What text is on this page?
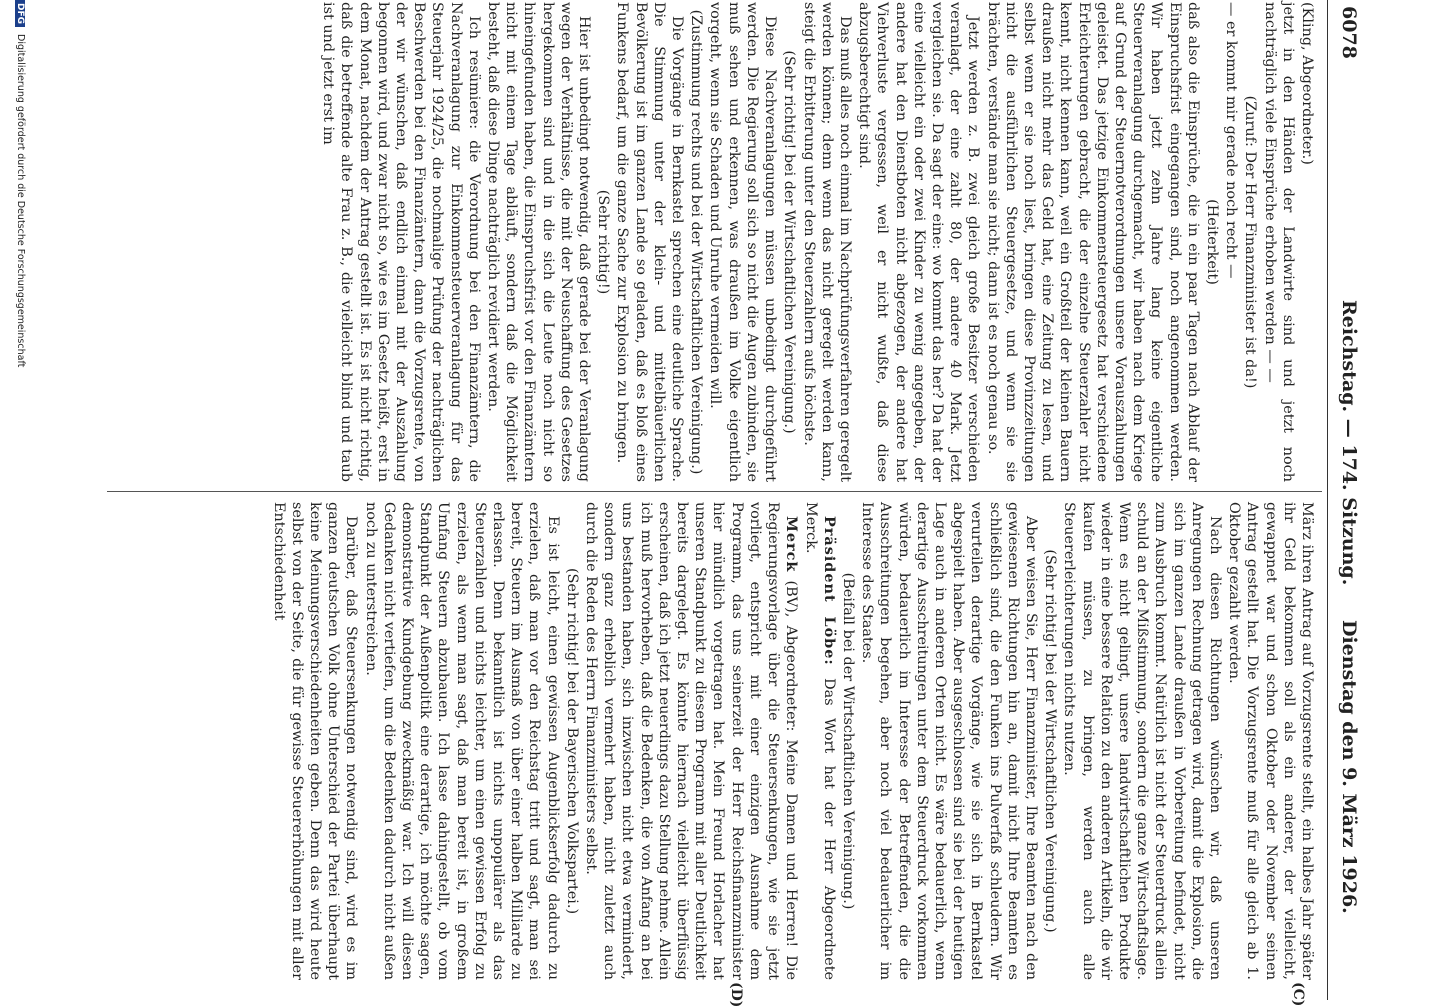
6078
Reichstag. — 174. Sitzung.
Dienstag den 9. März 1926.
(C)
(D)

(Kling, Abgeordneter.)

jetzt in den Händen der Landwirte sind und jetzt noch nachträglich viele Einsprüche erhoben werden — —

(Zuruf: Der Herr Finanzminister ist da!)

— er kommt mir gerade noch recht —

(Heiterkeit)

daß also die Einsprüche, die in ein paar Tagen nach Ablauf der Einspruchsfrist eingegangen sind, noch angenommen werden. Wir haben jetzt zehn Jahre lang keine eigentliche Steuerveranlagung durchgemacht, wir haben nach dem Kriege auf Grund der Steuernotverordnungen unsere Vorauszahlungen geleistet. Das jetzige Einkommensteuergesetz hat verschiedene Erleichterungen gebracht, die der einzelne Steuerzahler nicht kennt, nicht kennen kann, weil ein Großteil der kleinen Bauern draußen nicht mehr das Geld hat, eine Zeitung zu lesen, und selbst wenn er sie noch liest, bringen diese Provinzzeitungen nicht die ausführlichen Steuergesetze, und wenn sie sie brächten, verstände man sie nicht; dann ist es noch genau so.

Jetzt werden z. B. zwei gleich große Besitzer verschieden veranlagt, der eine zahlt 80, der andere 40 Mark. Jetzt vergleichen sie. Da sagt der eine: wo kommt das her? Da hat der eine vielleicht ein oder zwei Kinder zu wenig angegeben, der andere hat den Dienstboten nicht abgezogen, der andere hat Viehverluste vergessen, weil er nicht wußte, daß diese abzugsberechtigt sind.

Das muß alles noch einmal im Nachprüfungsverfahren geregelt werden können; denn wenn das nicht geregelt werden kann, steigt die Erbitterung unter den Steuerzahlern aufs höchste.

(Sehr richtig! bei der Wirtschaftlichen Vereinigung.)

Diese Nachveranlagungen müssen unbedingt durchgeführt werden. Die Regierung soll sich so nicht die Augen zubinden, sie muß sehen und erkennen, was draußen im Volke eigentlich vorgeht, wenn sie Schaden und Unruhe vermeiden will.

(Zustimmung rechts und bei der Wirtschaftlichen Vereinigung.)

Die Vorgänge in Bernkastel sprechen eine deutliche Sprache. Die Stimmung unter der klein- und mittelbäuerlichen Bevölkerung ist im ganzen Lande so geladen, daß es bloß eines Funkens bedarf, um die ganze Sache zur Explosion zu bringen.

(Sehr richtig!)

Hier ist unbedingt notwendig, daß gerade bei der Veranlagung wegen der Verhältnisse, die mit der Neuschaffung des Gesetzes hergekommen sind und in die sich die Leute noch nicht so hineingefunden haben, die Einspruchsfrist vor den Finanzämtern nicht mit einem Tage abläuft, sondern daß die Möglichkeit besteht, daß diese Dinge nachträglich revidiert werden.

Ich resümiere: die Verordnung bei den Finanzämtern, die Nachveranlagung zur Einkommensteuerveranlagung für das Steuerjahr 1924/25, die nochmalige Prüfung der nachträglichen Beschwerden bei den Finanzämtern, dann die Vorzugsrente, von der wir wünschen, daß endlich einmal mit der Auszahlung begonnen wird, und zwar nicht so, wie es im Gesetz heißt, erst in dem Monat, nachdem der Antrag gestellt ist. Es ist nicht richtig, daß die betreffende alte Frau z. B., die vielleicht blind und taub ist und jetzt erst im

März ihren Antrag auf Vorzugsrente stellt, ein halbes Jahr später ihr Geld bekommen soll als ein anderer, der vielleicht, gewappnet war und schon Oktober oder November seinen Antrag gestellt hat. Die Vorzugsrente muß für alle gleich ab 1. Oktober gezahlt werden.

Nach diesen Richtungen wünschen wir, daß unseren Anregungen Rechnung getragen wird, damit die Explosion, die sich im ganzen Lande draußen in Vorbereitung befindet, nicht zum Ausbruch kommt. Natürlich ist nicht der Steuerdruck allein schuld an der Mißstimmung, sondern die ganze Wirtschaftslage. Wenn es nicht gelingt, unsere landwirtschaftlichen Produkte wieder in eine bessere Relation zu den anderen Artikeln, die wir kaufen müssen, zu bringen, werden auch alle Steuererleichterungen nichts nutzen.

(Sehr richtig! bei der Wirtschaftlichen Vereinigung.)

Aber weisen Sie, Herr Finanzminister, Ihre Beamten nach den gewiesenen Richtungen hin an, damit nicht Ihre Beamten es schließlich sind, die den Funken ins Pulverfaß schleudern. Wir verurteilen derartige Vorgänge, wie sie sich in Bernkastel abgespielt haben. Aber ausgeschlossen sind sie bei der heutigen Lage auch in anderen Orten nicht. Es wäre bedauerlich, wenn derartige Ausschreitungen unter dem Steuerdruck vorkommen würden, bedauerlich im Interesse der Betreffenden, die die Ausschreitungen begehen, aber noch viel bedauerlicher im Interesse des Staates.

(Beifall bei der Wirtschaftlichen Vereinigung.)

Präsident Löbe: Das Wort hat der Herr Abgeordnete Merck.

Merck (BV), Abgeordneter: Meine Damen und Herren! Die Regierungsvorlage über die Steuersenkungen, wie sie jetzt vorliegt, entspricht mit einer einzigen Ausnahme dem Programm, das uns seinerzeit der Herr Reichsfinanzminister hier mündlich vorgetragen hat. Mein Freund Horlacher hat unseren Standpunkt zu diesem Programm mit aller Deutlichkeit bereits dargelegt. Es könnte hiernach vielleicht überflüssig erscheinen, daß ich jetzt neuerdings dazu Stellung nehme. Allein ich muß hervorheben, daß die Bedenken, die von Anfang an bei uns bestanden haben, sich inzwischen nicht etwa vermindert, sondern ganz erheblich vermehrt haben, nicht zuletzt auch durch die Reden des Herrn Finanzministers selbst.

(Sehr richtig! bei der Bayerischen Volkspartei.)

Es ist leicht, einen gewissen Augenblickserfolg dadurch zu erzielen, daß man vor den Reichstag tritt und sagt, man sei bereit, Steuern im Ausmaß von über einer halben Milliarde zu erlassen. Denn bekanntlich ist nichts unpopulärer als das Steuerzahlen und nichts leichter, um einen gewissen Erfolg zu erzielen, als wenn man sagt, daß man bereit ist, in großem Umfang Steuern abzubauen. Ich lasse dahingestellt, ob vom Standpunkt der Außenpolitik eine derartige, ich möchte sagen, demonstrative Kundgebung zweckmäßig war. Ich will diesen Gedanken nicht vertiefen, um die Bedenken dadurch nicht außen noch zu unterstreichen.

Darüber, daß Steuersenkungen notwendig sind, wird es im ganzen deutschen Volk ohne Unterschied der Partei überhaupt keine Meinungsverschiedenheiten geben. Denn das wird heute selbst von der Seite, die für gewisse Steuererhöhungen mit aller Entschiedenheit

DFG Digitalisierung gefördert durch die Deutsche Forschungsgemeinschaft
